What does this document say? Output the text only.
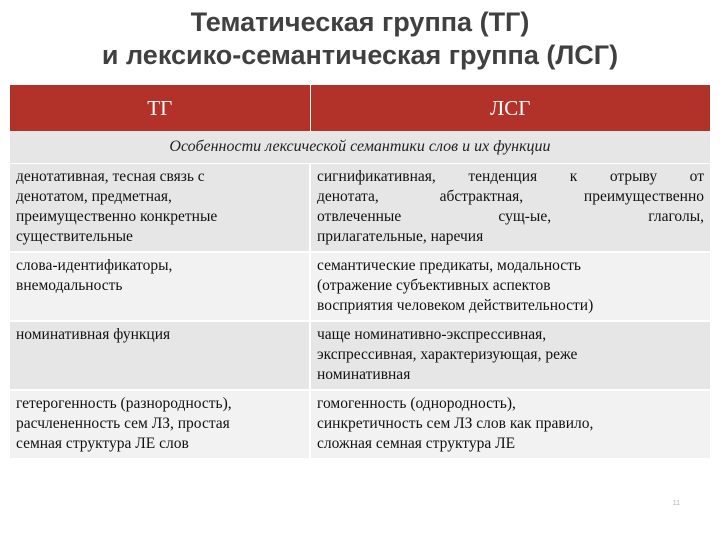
Тематическая группа (ТГ)
и лексико-семантическая группа (ЛСГ)
ТГ	ЛСГ
Особенности лексической семантики слов и их функции	

денотативная, тесная связь с
денотатом, предметная,
преимущественно конкретные
существительные	сигнификативная, тенденция к отрыву от
денотата, абстрактная, преимущественно
отвлеченные сущ-ые, глаголы,
прилагательные, наречия

слова-идентификаторы,
внемодальность	семантические предикаты, модальность
(отражение субъективных аспектов
восприятия человеком действительности)

номинативная функция	чаще номинативно-экспрессивная,
экспрессивная, характеризующая, реже
номинативная

гетерогенность (разнородность),
расчлененность сем ЛЗ, простая
семная структура ЛЕ слов	гомогенность (однородность),
синкретичность сем ЛЗ слов как правило,
сложная семная структура ЛЕ
11
